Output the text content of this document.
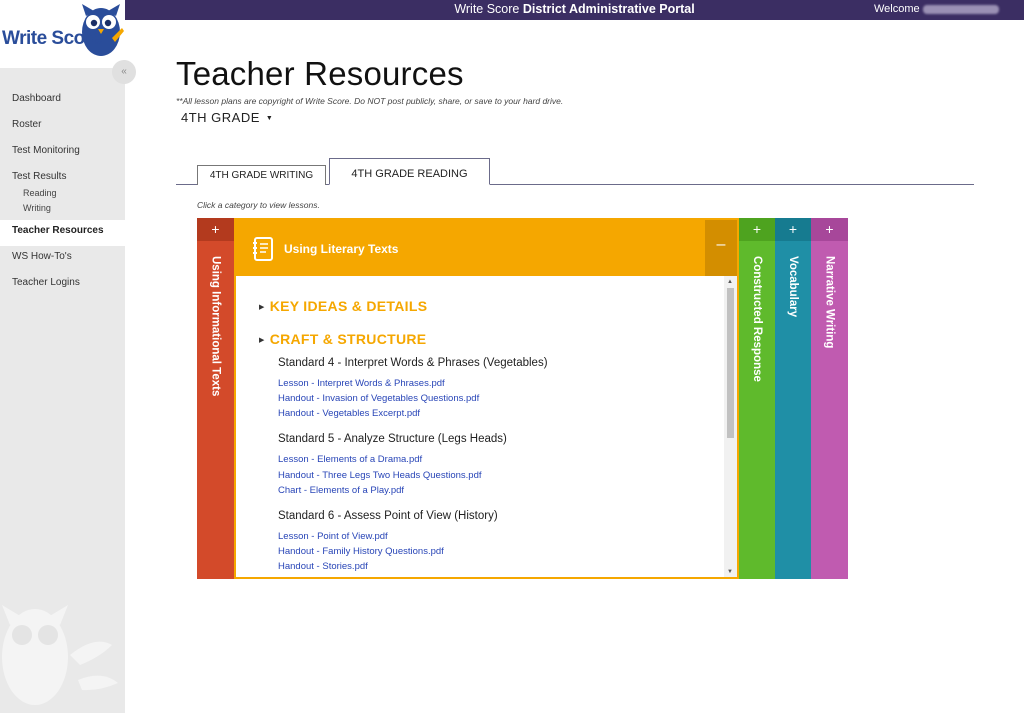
Write Score District Administrative Portal	Welcome
Write Score
«
Dashboard
Roster
Test Monitoring
Test Results
Reading
Writing
Teacher Resources
WS How-To's
Teacher Logins
Teacher Resources
**All lesson plans are copyright of Write Score. Do NOT post publicly, share, or save to your hard drive.
4TH GRADE ▼
4TH GRADE WRITING	4TH GRADE READING
Click a category to view lessons.
+
Using Informational Texts
Using Literary Texts	–
▶ KEY IDEAS & DETAILS
▶ CRAFT & STRUCTURE
Standard 4 - Interpret Words & Phrases (Vegetables)
Lesson - Interpret Words & Phrases.pdf
Handout - Invasion of Vegetables Questions.pdf
Handout - Vegetables Excerpt.pdf
Standard 5 - Analyze Structure (Legs Heads)
Lesson - Elements of a Drama.pdf
Handout - Three Legs Two Heads Questions.pdf
Chart - Elements of a Play.pdf
Standard 6 - Assess Point of View (History)
Lesson - Point of View.pdf
Handout - Family History Questions.pdf
Handout - Stories.pdf
▲
▼
+
Constructed Response
+
Vocabulary
+
Narrative Writing
